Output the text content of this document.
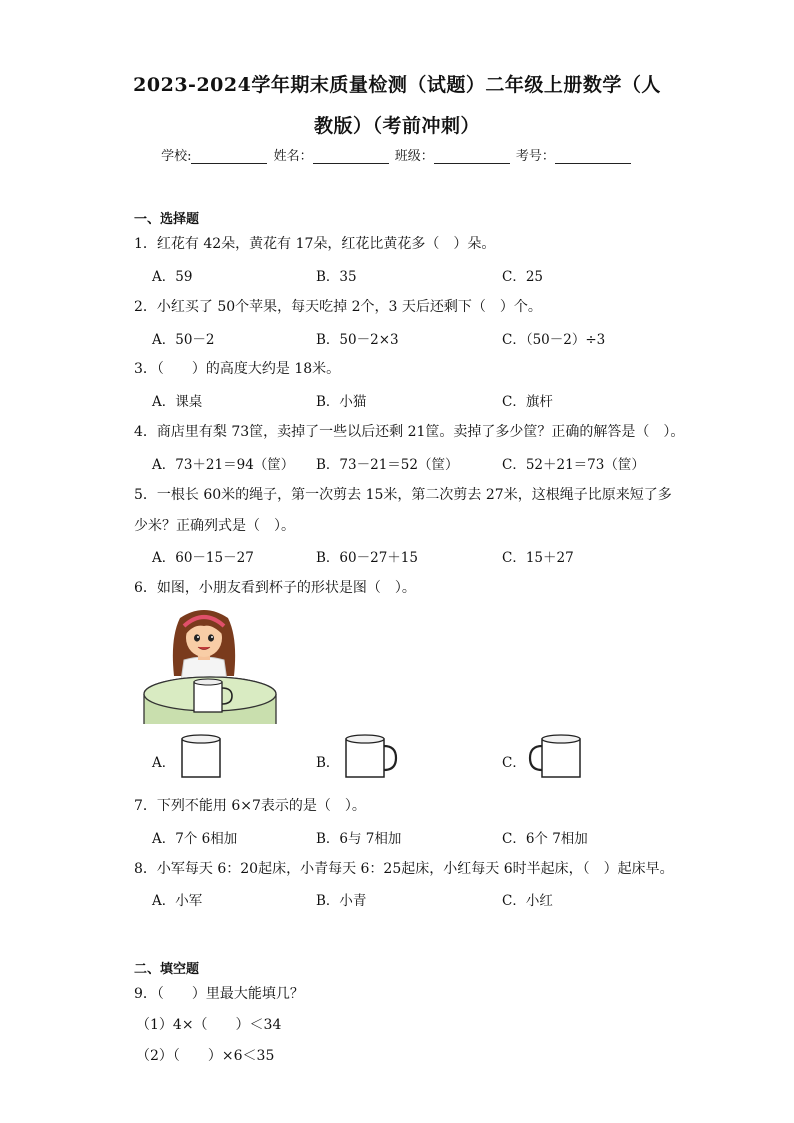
2023-2024学年期末质量检测（试题）二年级上册数学（人
教版）（考前冲刺）
学校:	姓名：	班级：	考号：
一、选择题
1．红花有 42朵，黄花有 17朵，红花比黄花多（　）朵。
A．59	B．35	C．25
2．小红买了 50个苹果，每天吃掉 2个，3 天后还剩下（　）个。
A．50－2	B．50－2×3	C．（50－2）÷3
3．（　　）的高度大约是 18米。
A．课桌	B．小猫	C．旗杆
4．商店里有梨 73筐，卖掉了一些以后还剩 21筐。卖掉了多少筐？正确的解答是（　）。
A．73＋21＝94（筐） B．73－21＝52（筐）	C．52＋21＝73（筐）
5．一根长 60米的绳子，第一次剪去 15米，第二次剪去 27米，这根绳子比原来短了多
少米？正确列式是（　）。
A．60－15－27	B．60－27＋15	C．15＋27
6．如图，小朋友看到杯子的形状是图（　）。
A．	B．	C．
7．下列不能用 6×7表示的是（　）。
A．7个 6相加	B．6与 7相加	C．6个 7相加
8．小军每天 6：20起床，小青每天 6：25起床，小红每天 6时半起床，（　）起床早。
A．小军	B．小青	C．小红
二、填空题
9．（　　）里最大能填几？
（1）4×（　　）＜34
（2）（　　）×6＜35
